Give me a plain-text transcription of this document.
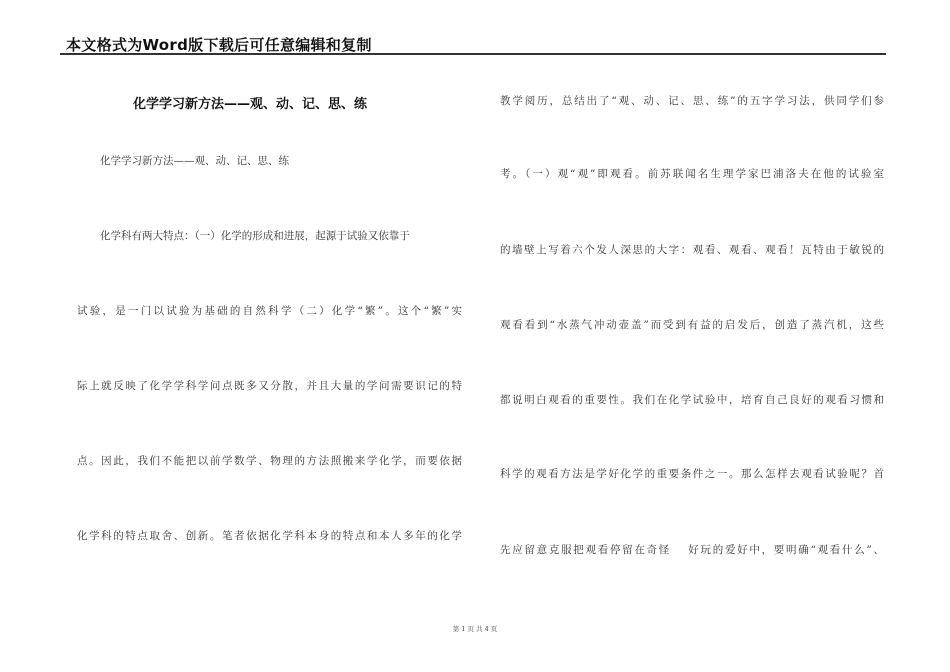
本文格式为Word版下载后可任意编辑和复制
化学学习新方法——观、动、记、思、练
化学学习新方法——观、动、记、思、练
化学科有两大特点：（一）化学的形成和进展，起源于试验又依靠于
试验，是一门以试验为基础的自然科学（二）化学“繁”。这个“繁”实
际上就反映了化学学科学问点既多又分散，并且大量的学问需要识记的特
点。因此，我们不能把以前学数学、物理的方法照搬来学化学，而要依据
化学科的特点取舍、创新。笔者依据化学科本身的特点和本人多年的化学
教学阅历，总结出了“观、动、记、思、练”的五字学习法，供同学们参
考。（一）观“观”即观看。前苏联闻名生理学家巴浦洛夫在他的试验室
的墙壁上写着六个发人深思的大字：观看、观看、观看！瓦特由于敏锐的
观看看到“水蒸气冲动壶盖”而受到有益的启发后，创造了蒸汽机，这些
都说明白观看的重要性。我们在化学试验中，培育自己良好的观看习惯和
科学的观看方法是学好化学的重要条件之一。那么怎样去观看试验呢？首
先应留意克服把观看停留在奇怪　 好玩的爱好中，要明确“观看什么”、
第 1 页 共 4 页
